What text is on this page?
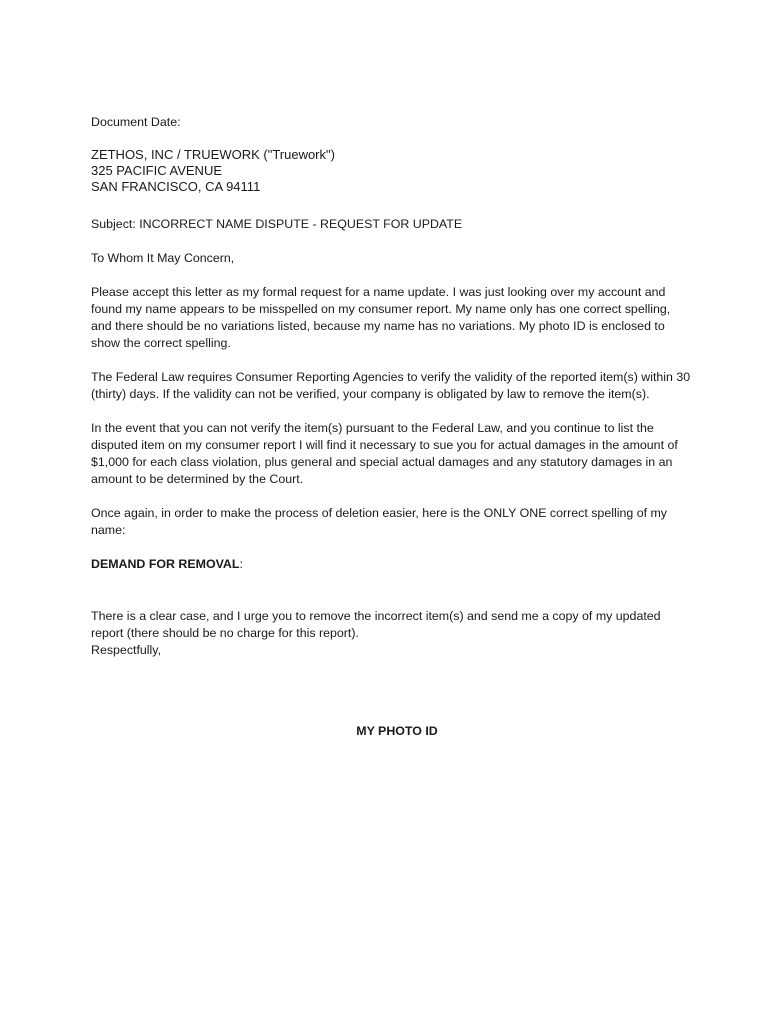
Document Date:

ZETHOS, INC / TRUEWORK ("Truework")
325 PACIFIC AVENUE
SAN FRANCISCO, CA 94111

Subject: INCORRECT NAME DISPUTE - REQUEST FOR UPDATE

To Whom It May Concern,

Please accept this letter as my formal request for a name update. I was just looking over my account and found my name appears to be misspelled on my consumer report. My name only has one correct spelling, and there should be no variations listed, because my name has no variations. My photo ID is enclosed to show the correct spelling.

The Federal Law requires Consumer Reporting Agencies to verify the validity of the reported item(s) within 30 (thirty) days. If the validity can not be verified, your company is obligated by law to remove the item(s).

In the event that you can not verify the item(s) pursuant to the Federal Law, and you continue to list the disputed item on my consumer report I will find it necessary to sue you for actual damages in the amount of $1,000 for each class violation, plus general and special actual damages and any statutory damages in an amount to be determined by the Court.

Once again, in order to make the process of deletion easier, here is the ONLY ONE correct spelling of my name:

DEMAND FOR REMOVAL:

There is a clear case, and I urge you to remove the incorrect item(s) and send me a copy of my updated report (there should be no charge for this report).

Respectfully,

MY PHOTO ID
